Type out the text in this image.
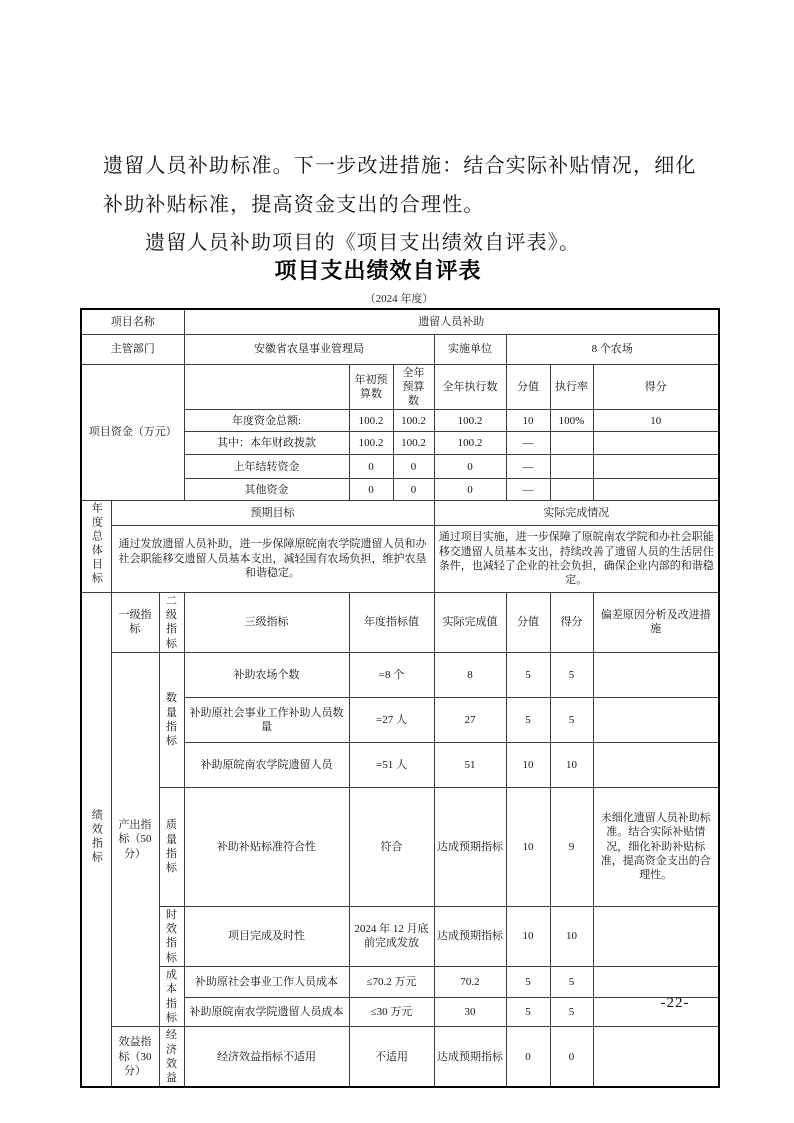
遗留人员补助标准。下一步改进措施：结合实际补贴情况，细化
补助补贴标准，提高资金支出的合理性。
遗留人员补助项目的《项目支出绩效自评表》。
项目支出绩效自评表
（2024 年度）
项目名称			遗留人员补助						
主管部门			安徽省农垦事业管理局			实施单位	8 个农场		
项目资金（万元）				年初预算数	全年预算数	全年执行数	分值	执行率	得分
			年度资金总额:	100.2	100.2	100.2	10	100%	10
			其中：本年财政拨款	100.2	100.2	100.2	—		
			上年结转资金	0	0	0	—		
			其他资金	0	0	0	—		
年度总体目标	预期目标					实际完成情况			
	通过发放遗留人员补助，进一步保障原皖南农学院遗留人员和办社会职能移交遗留人员基本支出，减轻国有农场负担，维护农垦和谐稳定。					通过项目实施，进一步保障了原皖南农学院和办社会职能移交遗留人员基本支出，持续改善了遗留人员的生活居住条件，也减轻了企业的社会负担，确保企业内部的和谐稳定。			
绩效指标	一级指标	二级指标	三级指标	年度指标值		实际完成值	分值	得分	偏差原因分析及改进措施
	产出指标（50 分）	数量指标	补助农场个数	=8 个		8	5	5	
			补助原社会事业工作补助人员数量	=27 人		27	5	5	
			补助原皖南农学院遗留人员	=51 人		51	10	10	
		质量指标	补助补贴标准符合性	符合		达成预期指标	10	9	未细化遗留人员补助标准。结合实际补贴情况，细化补助补贴标准，提高资金支出的合理性。
		时效指标	项目完成及时性	2024 年 12 月底前完成发放		达成预期指标	10	10	
		成本指标	补助原社会事业工作人员成本	≤70.2 万元		70.2	5	5	
			补助原皖南农学院遗留人员成本	≤30 万元		30	5	5	
	效益指标（30 分）	经济效益	经济效益指标不适用	不适用		达成预期指标	0	0	
-22-
